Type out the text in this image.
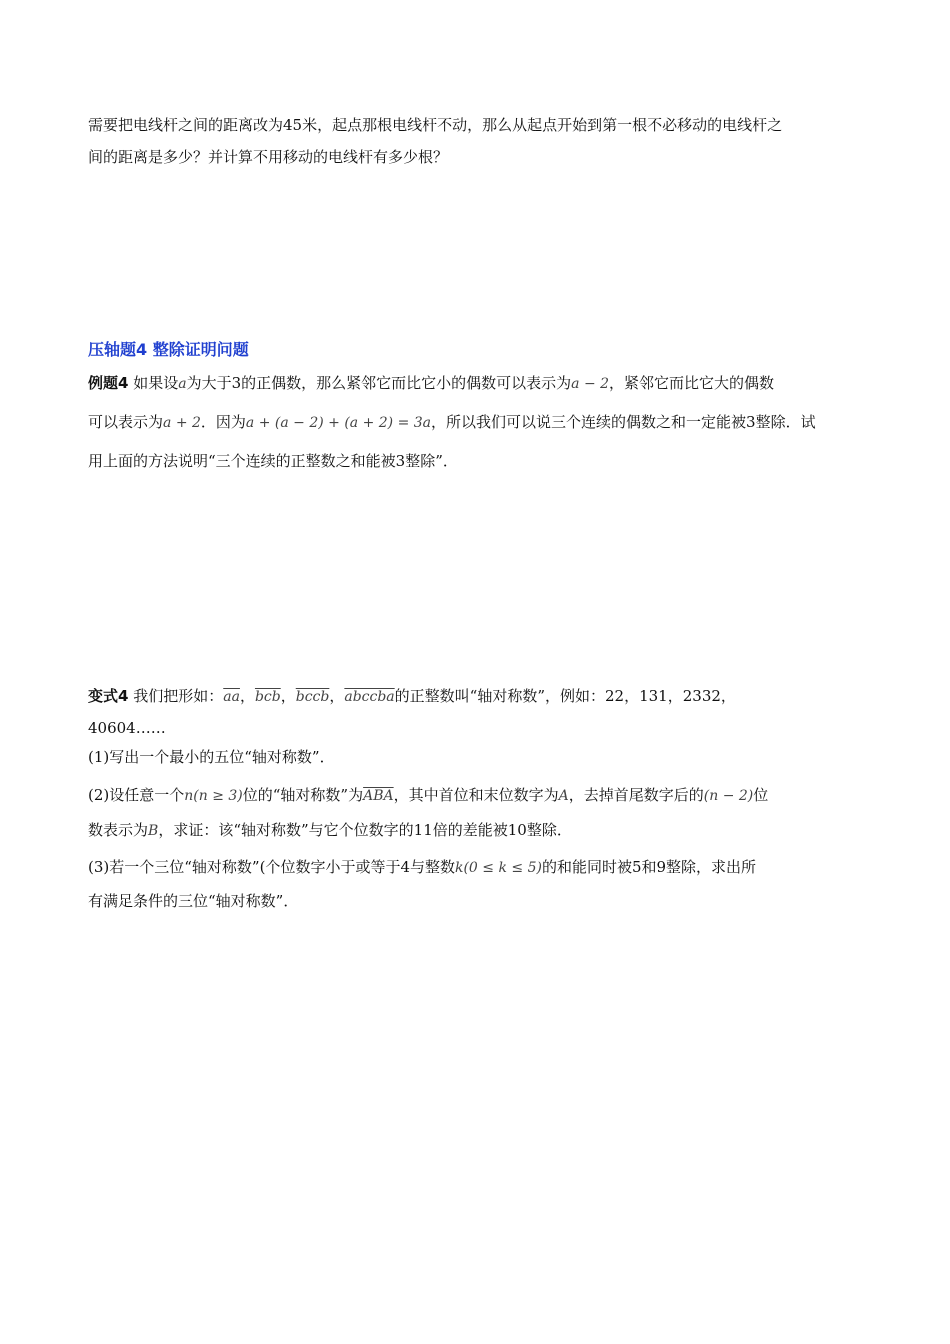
需要把电线杆之间的距离改为45米，起点那根电线杆不动，那么从起点开始到第一根不必移动的电线杆之
间的距离是多少？并计算不用移动的电线杆有多少根？
压轴题4 整除证明问题
例题4 如果设a为大于3的正偶数，那么紧邻它而比它小的偶数可以表示为a − 2，紧邻它而比它大的偶数
可以表示为a + 2．因为a + (a − 2) + (a + 2) = 3a，所以我们可以说三个连续的偶数之和一定能被3整除．试
用上面的方法说明“三个连续的正整数之和能被3整除”．
变式4 我们把形如：$\overline{aa}$，$\overline{bcb}$，bccb，abccba的正整数叫“轴对称数”，例如：22，131，2332，
40604……
(1)写出一个最小的五位“轴对称数”．
(2)设任意一个n(n ≥ 3)位的“轴对称数”为$\overline{ABA}$，其中首位和末位数字为A，去掉首尾数字后的(n − 2)位
数表示为B，求证：该“轴对称数”与它个位数字的11倍的差能被10整除．
(3)若一个三位“轴对称数”(个位数字小于或等于4与整数k(0 ≤ k ≤ 5)的和能同时被5和9整除，求出所
有满足条件的三位“轴对称数”．
